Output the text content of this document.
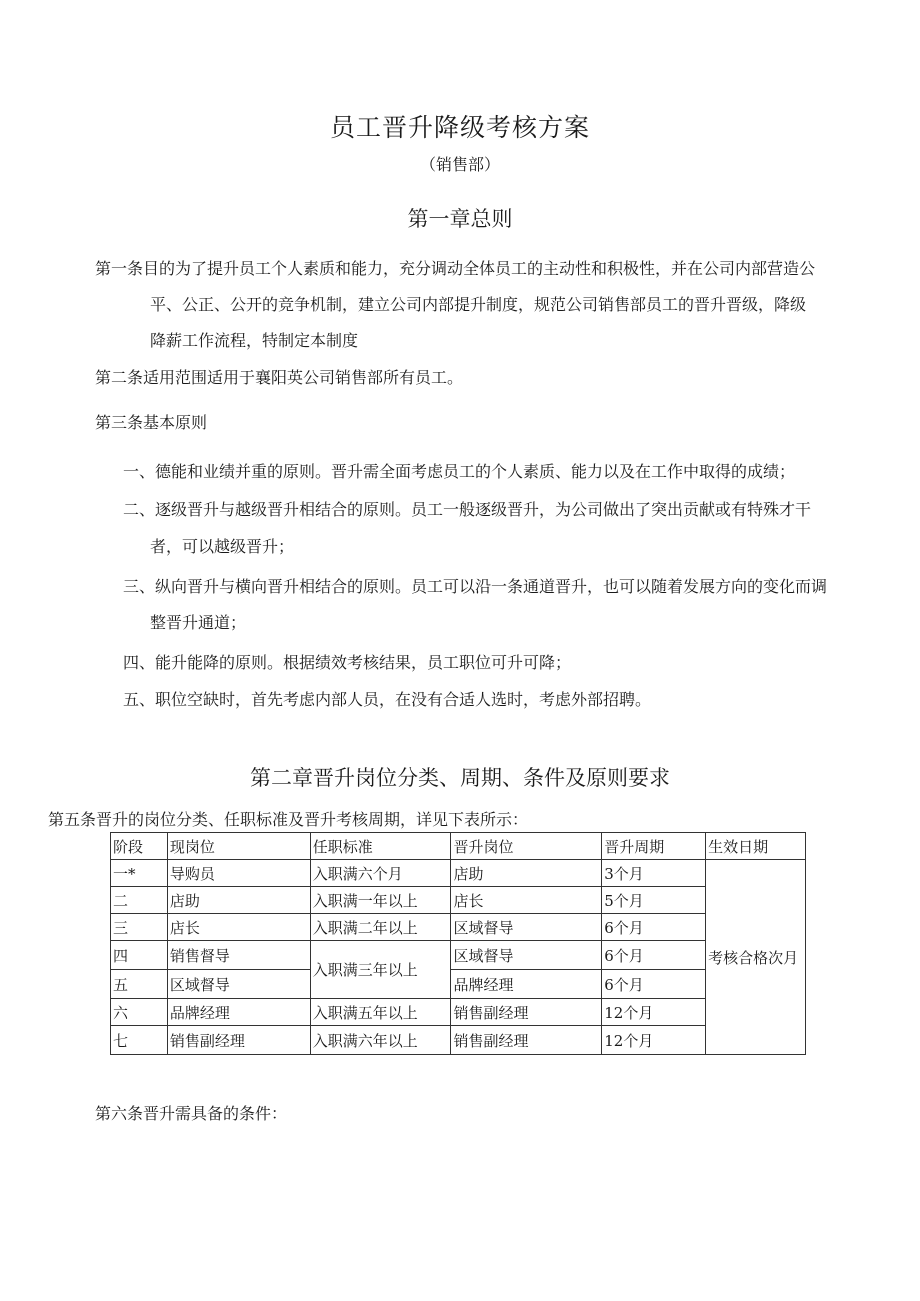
员工晋升降级考核方案
（销售部）
第一章总则
第一条目的为了提升员工个人素质和能力，充分调动全体员工的主动性和积极性，并在公司内部营造公
平、公正、公开的竞争机制，建立公司内部提升制度，规范公司销售部员工的晋升晋级，降级
降薪工作流程，特制定本制度
第二条适用范围适用于襄阳英公司销售部所有员工。
第三条基本原则
一、德能和业绩并重的原则。晋升需全面考虑员工的个人素质、能力以及在工作中取得的成绩；
二、逐级晋升与越级晋升相结合的原则。员工一般逐级晋升，为公司做出了突出贡献或有特殊才干
者，可以越级晋升；
三、纵向晋升与横向晋升相结合的原则。员工可以沿一条通道晋升，也可以随着发展方向的变化而调
整晋升通道；
四、能升能降的原则。根据绩效考核结果，员工职位可升可降；
五、职位空缺时，首先考虑内部人员，在没有合适人选时，考虑外部招聘。
第二章晋升岗位分类、周期、条件及原则要求
第五条晋升的岗位分类、任职标准及晋升考核周期，详见下表所示：
阶段	现岗位	任职标准	晋升岗位	晋升周期	生效日期
一*	导购员	入职满六个月	店助	3个月	考核合格次月
二	店助	入职满一年以上	店长	5个月	
三	店长	入职满二年以上	区域督导	6个月	
四	销售督导	入职满三年以上	区域督导	6个月	
五	区域督导		品牌经理	6个月	
六	品牌经理	入职满五年以上	销售副经理	12个月	
七	销售副经理	入职满六年以上	销售副经理	12个月	
第六条晋升需具备的条件：
